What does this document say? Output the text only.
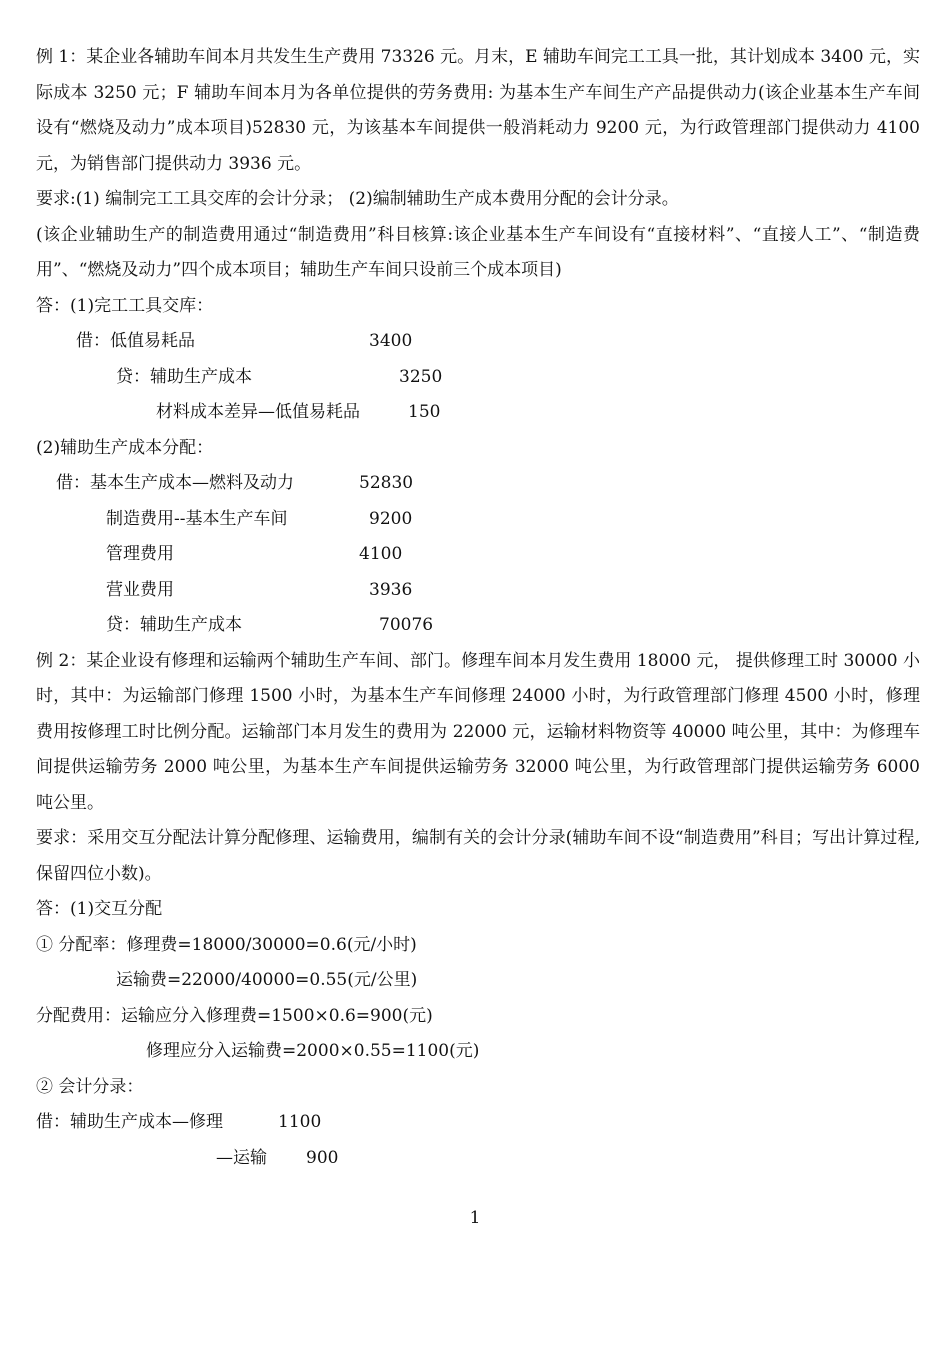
例 1：某企业各辅助车间本月共发生生产费用 73326 元。月末，E 辅助车间完工工具一批，其计划成本 3400 元，实际成本 3250 元；F 辅助车间本月为各单位提供的劳务费用: 为基本生产车间生产产品提供动力(该企业基本生产车间设有“燃烧及动力”成本项目)52830 元，为该基本车间提供一般消耗动力 9200 元，为行政管理部门提供动力 4100 元，为销售部门提供动力 3936 元。

要求:(1) 编制完工工具交库的会计分录； (2)编制辅助生产成本费用分配的会计分录。

(该企业辅助生产的制造费用通过“制造费用”科目核算:该企业基本生产车间设有“直接材料”、“直接人工”、“制造费用”、“燃烧及动力”四个成本项目；辅助生产车间只设前三个成本项目)

答：(1)完工工具交库：

借：低值易耗品	3400
贷：辅助生产成本	3250
材料成本差异—低值易耗品	150

(2)辅助生产成本分配：

借：基本生产成本—燃料及动力	52830
制造费用--基本生产车间	9200
管理费用	4100
营业费用	3936
贷：辅助生产成本	70076

例 2：某企业设有修理和运输两个辅助生产车间、部门。修理车间本月发生费用 18000 元， 提供修理工时 30000 小时，其中：为运输部门修理 1500 小时，为基本生产车间修理 24000 小时，为行政管理部门修理 4500 小时，修理费用按修理工时比例分配。运输部门本月发生的费用为 22000 元，运输材料物资等 40000 吨公里，其中：为修理车间提供运输劳务 2000 吨公里，为基本生产车间提供运输劳务 32000 吨公里，为行政管理部门提供运输劳务 6000 吨公里。

要求：采用交互分配法计算分配修理、运输费用，编制有关的会计分录(辅助车间不设“制造费用”科目；写出计算过程,保留四位小数)。

答：(1)交互分配

① 分配率：修理费=18000/30000=0.6(元/小时)
运输费=22000/40000=0.55(元/公里)
分配费用：运输应分入修理费=1500×0.6=900(元)
修理应分入运输费=2000×0.55=1100(元)
② 会计分录：
借：辅助生产成本—修理	1100
—运输 900
1
